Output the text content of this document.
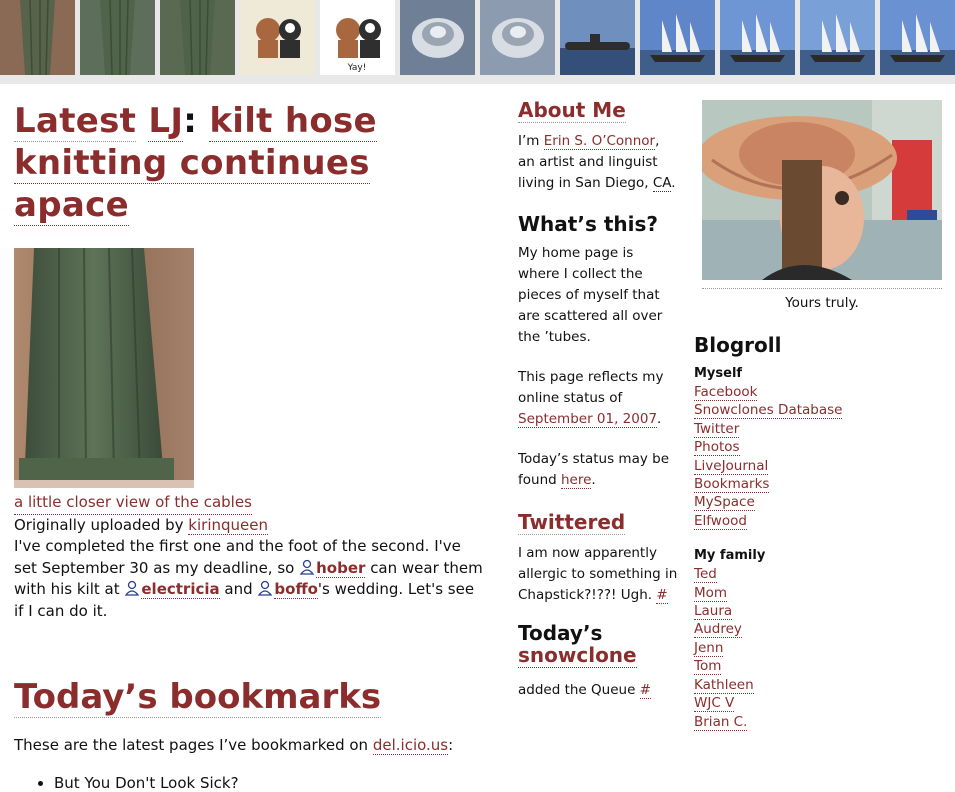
Yay!
Latest LJ: kilt hose knitting continues apace
a little closer view of the cables
Originally uploaded by kirinqueen
I've completed the first one and the foot of the second. I've set September 30 as my deadline, so hober can wear them with his kilt at electricia and boffo's wedding. Let's see if I can do it.
Today’s bookmarks
These are the latest pages I’ve bookmarked on del.icio.us:
• But You Don't Look Sick?
About Me

I’m Erin S. O’Connor, an artist and linguist living in San Diego, CA.

What’s this?

My home page is where I collect the pieces of myself that are scattered all over the ’tubes.

This page reflects my online status of September 01, 2007.

Today’s status may be found here.

Twittered

I am now apparently allergic to something in Chapstick?!??! Ugh. #

Today’s
snowclone

added the Queue #

Yours truly.
Blogroll
Myself
Facebook
Snowclones Database
Twitter
Photos
LiveJournal
Bookmarks
MySpace
Elfwood
My family
Ted
Mom
Laura
Audrey
Jenn
Tom
Kathleen
WJC V
Brian C.
